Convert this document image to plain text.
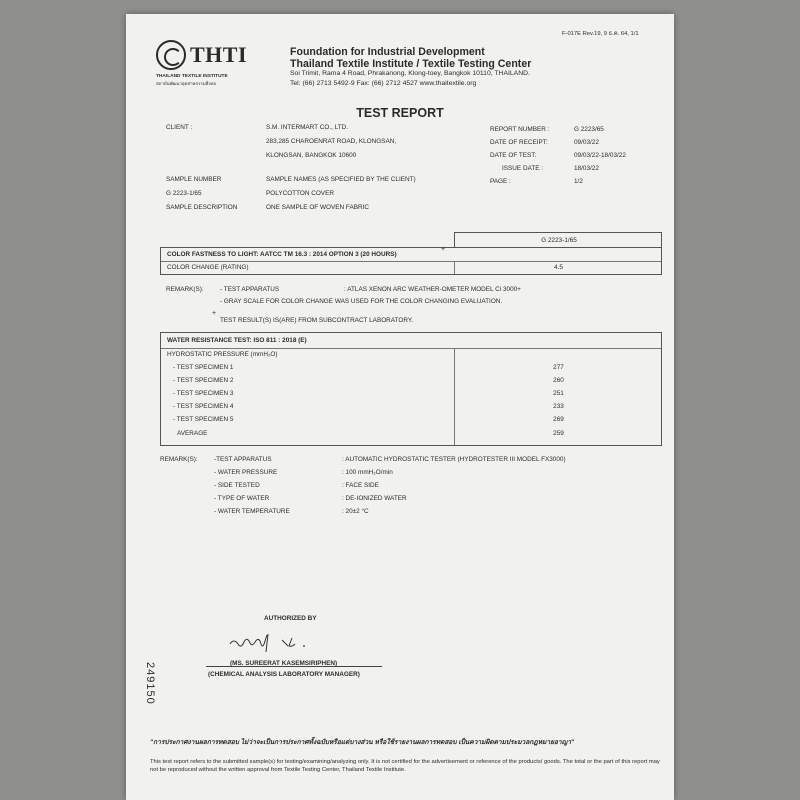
F-017E Rev.19, 9 ธ.ค. 64, 1/1
THTI
THAILAND TEXTILE INSTITUTE
สถาบันพัฒนาอุตสาหกรรมสิ่งทอ
Foundation for Industrial Development
Thailand Textile Institute / Textile Testing Center
Soi Trimit, Rama 4 Road, Phrakanong, Klong-toey, Bangkok 10110, THAILAND.
Tel: (66) 2713 5492-9 Fax: (66) 2712 4527 www.thaitextile.org
TEST REPORT
CLIENT :	S.M. INTERMART CO., LTD.
283,285 CHAROENRAT ROAD, KLONGSAN,
KLONGSAN, BANGKOK 10600
REPORT NUMBER :	G 2223/65
DATE OF RECEIPT:	09/03/22
DATE OF TEST:	09/03/22-18/03/22
ISSUE DATE :	18/03/22
PAGE :	1/2
SAMPLE NUMBER	SAMPLE NAMES (AS SPECIFIED BY THE CLIENT)
G 2223-1/65	POLYCOTTON COVER
SAMPLE DESCRIPTION	ONE SAMPLE OF WOVEN FABRIC
G 2223-1/65
COLOR FASTNESS TO LIGHT: AATCC TM 16.3 : 2014 OPTION 3 (20 HOURS)
+
COLOR CHANGE (RATING)	4.5
REMARK(S):	- TEST APPARATUS	: ATLAS XENON ARC WEATHER-OMETER MODEL Ci 3000+
- GRAY SCALE FOR COLOR CHANGE WAS USED FOR THE COLOR CHANGING EVALUATION.
+
TEST RESULT(S) IS(ARE) FROM SUBCONTRACT LABORATORY.
WATER RESISTANCE TEST: ISO 811 : 2018 (E)
HYDROSTATIC PRESSURE (mmH₂O)
- TEST SPECIMEN 1	277
- TEST SPECIMEN 2	260
- TEST SPECIMEN 3	251
- TEST SPECIMEN 4	233
- TEST SPECIMEN 5	269
AVERAGE	259
REMARK(S):	-TEST APPARATUS	: AUTOMATIC HYDROSTATIC TESTER (HYDROTESTER III MODEL FX3000)
- WATER PRESSURE	: 100 mmH₂O/min
- SIDE TESTED	: FACE SIDE
- TYPE OF WATER	: DE-IONIZED WATER
- WATER TEMPERATURE	: 20±2 °C
AUTHORIZED BY
(MS. SUREERAT KASEMSIRIPHEN)
(CHEMICAL ANALYSIS LABORATORY MANAGER)
249150
"การประกาศงานผลการทดสอบ ไม่ว่าจะเป็นการประกาศทั้งฉบับหรือแต่บางส่วน หรือใช้รายงานผลการทดสอบ เป็นความผิดตามประมวลกฎหมายอาญา"
This test report refers to the submitted sample(s) for testing/examining/analyzing only. It is not certified for the advertisement or reference of the products/ goods. The total or the part of this report may not be reproduced without the written approval from Textile Testing Center, Thailand Textile Institute.
